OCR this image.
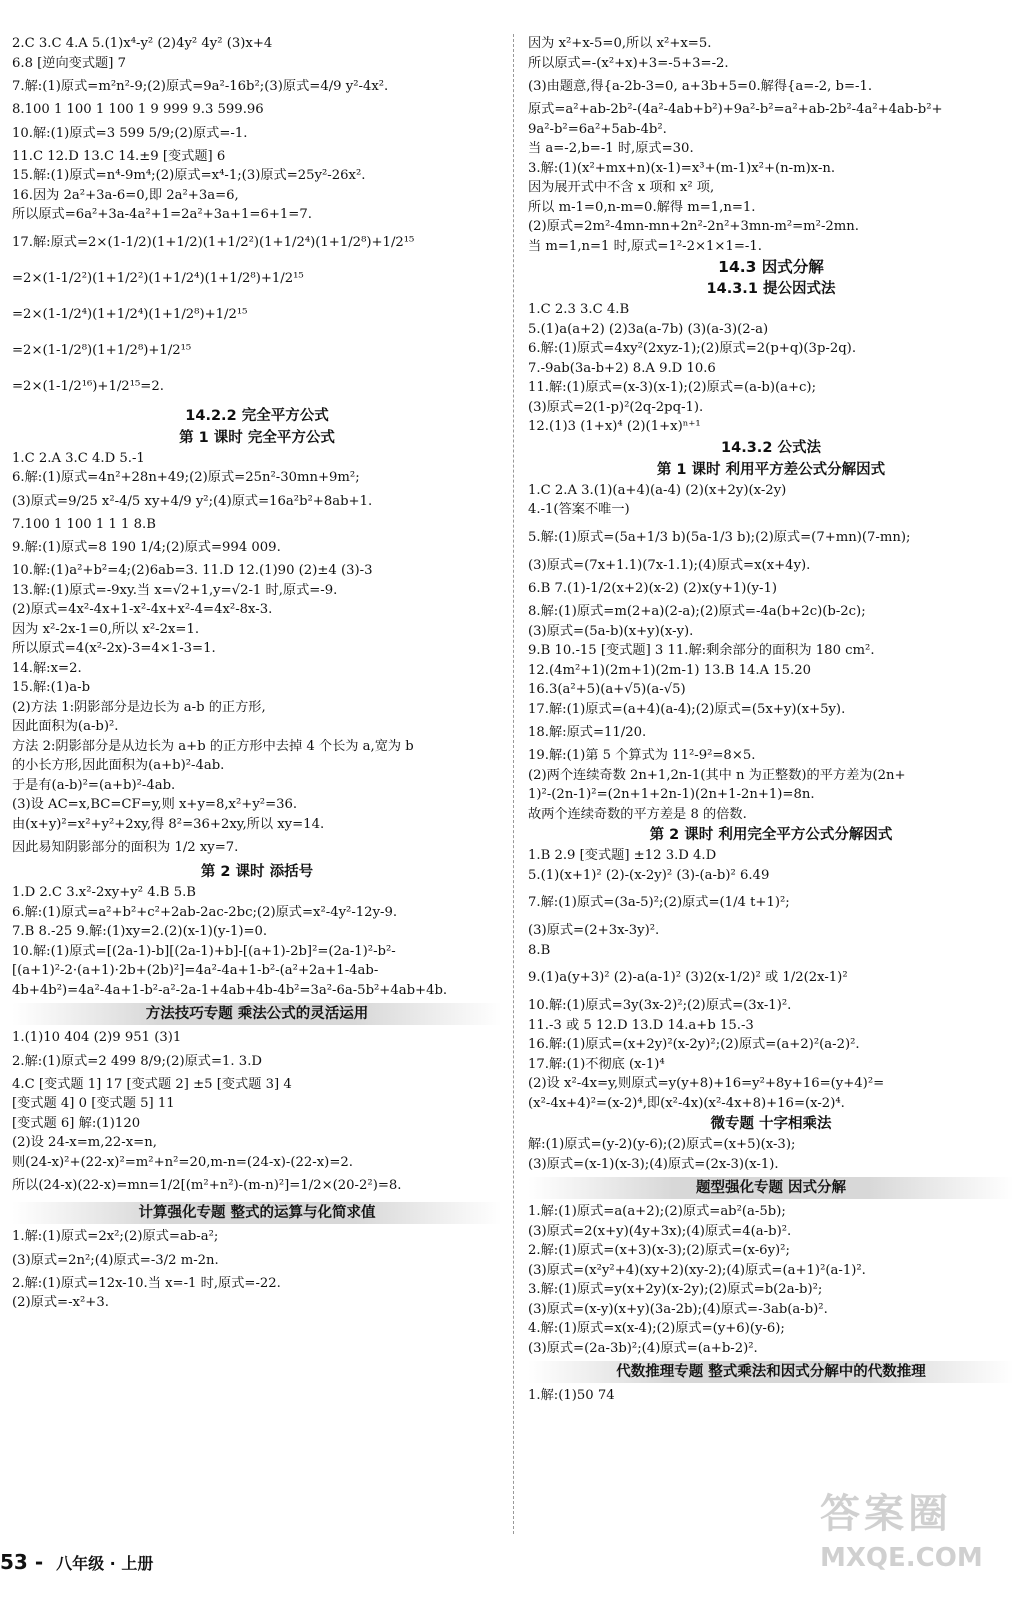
2.C 3.C 4.A 5.(1)x⁴-y² (2)4y² 4y² (3)x+4
6.8 [逆向变式题] 7
7.解:(1)原式=m²n²-9;(2)原式=9a²-16b²;(3)原式=4/9 y²-4x².
8.100 1 100 1 100 1 9 999 9.3 599.96
10.解:(1)原式=3 599 5/9;(2)原式=-1.
11.C 12.D 13.C 14.±9 [变式题] 6
15.解:(1)原式=n⁴-9m⁴;(2)原式=x⁴-1;(3)原式=25y²-26x².
16.因为 2a²+3a-6=0,即 2a²+3a=6,
所以原式=6a²+3a-4a²+1=2a²+3a+1=6+1=7.
17.解:原式=2×(1-1/2)(1+1/2)(1+1/2²)(1+1/2⁴)(1+1/2⁸)+1/2¹⁵
=2×(1-1/2²)(1+1/2²)(1+1/2⁴)(1+1/2⁸)+1/2¹⁵
=2×(1-1/2⁴)(1+1/2⁴)(1+1/2⁸)+1/2¹⁵
=2×(1-1/2⁸)(1+1/2⁸)+1/2¹⁵
=2×(1-1/2¹⁶)+1/2¹⁵=2.
14.2.2 完全平方公式
第 1 课时 完全平方公式
1.C 2.A 3.C 4.D 5.-1
6.解:(1)原式=4n²+28n+49;(2)原式=25n²-30mn+9m²;
(3)原式=9/25 x²-4/5 xy+4/9 y²;(4)原式=16a²b²+8ab+1.
7.100 1 100 1 1 1 8.B
9.解:(1)原式=8 190 1/4;(2)原式=994 009.
10.解:(1)a²+b²=4;(2)6ab=3. 11.D 12.(1)90 (2)±4 (3)-3
13.解:(1)原式=-9xy.当 x=√2+1,y=√2-1 时,原式=-9.
(2)原式=4x²-4x+1-x²-4x+x²-4=4x²-8x-3.
因为 x²-2x-1=0,所以 x²-2x=1.
所以原式=4(x²-2x)-3=4×1-3=1.
14.解:x=2.
15.解:(1)a-b
(2)方法 1:阴影部分是边长为 a-b 的正方形,
因此面积为(a-b)².
方法 2:阴影部分是从边长为 a+b 的正方形中去掉 4 个长为 a,宽为 b
的小长方形,因此面积为(a+b)²-4ab.
于是有(a-b)²=(a+b)²-4ab.
(3)设 AC=x,BC=CF=y,则 x+y=8,x²+y²=36.
由(x+y)²=x²+y²+2xy,得 8²=36+2xy,所以 xy=14.
因此易知阴影部分的面积为 1/2 xy=7.
第 2 课时 添括号
1.D 2.C 3.x²-2xy+y² 4.B 5.B
6.解:(1)原式=a²+b²+c²+2ab-2ac-2bc;(2)原式=x²-4y²-12y-9.
7.B 8.-25 9.解:(1)xy=2.(2)(x-1)(y-1)=0.
10.解:(1)原式=[(2a-1)-b][(2a-1)+b]-[(a+1)-2b]²=(2a-1)²-b²-
[(a+1)²-2·(a+1)·2b+(2b)²]=4a²-4a+1-b²-(a²+2a+1-4ab-
4b+4b²)=4a²-4a+1-b²-a²-2a-1+4ab+4b-4b²=3a²-6a-5b²+4ab+4b.
方法技巧专题 乘法公式的灵活运用
1.(1)10 404 (2)9 951 (3)1
2.解:(1)原式=2 499 8/9;(2)原式=1. 3.D
4.C [变式题 1] 17 [变式题 2] ±5 [变式题 3] 4
[变式题 4] 0 [变式题 5] 11
[变式题 6] 解:(1)120
(2)设 24-x=m,22-x=n,
则(24-x)²+(22-x)²=m²+n²=20,m-n=(24-x)-(22-x)=2.
所以(24-x)(22-x)=mn=1/2[(m²+n²)-(m-n)²]=1/2×(20-2²)=8.
计算强化专题 整式的运算与化简求值
1.解:(1)原式=2x²;(2)原式=ab-a²;
(3)原式=2n²;(4)原式=-3/2 m-2n.
2.解:(1)原式=12x-10.当 x=-1 时,原式=-22.
(2)原式=-x²+3.
因为 x²+x-5=0,所以 x²+x=5.
所以原式=-(x²+x)+3=-5+3=-2.
(3)由题意,得{a-2b-3=0, a+3b+5=0.解得{a=-2, b=-1.
原式=a²+ab-2b²-(4a²-4ab+b²)+9a²-b²=a²+ab-2b²-4a²+4ab-b²+
9a²-b²=6a²+5ab-4b².
当 a=-2,b=-1 时,原式=30.
3.解:(1)(x²+mx+n)(x-1)=x³+(m-1)x²+(n-m)x-n.
因为展开式中不含 x 项和 x² 项,
所以 m-1=0,n-m=0.解得 m=1,n=1.
(2)原式=2m²-4mn-mn+2n²-2n²+3mn-m²=m²-2mn.
当 m=1,n=1 时,原式=1²-2×1×1=-1.
14.3 因式分解
14.3.1 提公因式法
1.C 2.3 3.C 4.B
5.(1)a(a+2) (2)3a(a-7b) (3)(a-3)(2-a)
6.解:(1)原式=4xy²(2xyz-1);(2)原式=2(p+q)(3p-2q).
7.-9ab(3a-b+2) 8.A 9.D 10.6
11.解:(1)原式=(x-3)(x-1);(2)原式=(a-b)(a+c);
(3)原式=2(1-p)²(2q-2pq-1).
12.(1)3 (1+x)⁴ (2)(1+x)ⁿ⁺¹
14.3.2 公式法
第 1 课时 利用平方差公式分解因式
1.C 2.A 3.(1)(a+4)(a-4) (2)(x+2y)(x-2y)
4.-1(答案不唯一)
5.解:(1)原式=(5a+1/3 b)(5a-1/3 b);(2)原式=(7+mn)(7-mn);
(3)原式=(7x+1.1)(7x-1.1);(4)原式=x(x+4y).
6.B 7.(1)-1/2(x+2)(x-2) (2)x(y+1)(y-1)
8.解:(1)原式=m(2+a)(2-a);(2)原式=-4a(b+2c)(b-2c);
(3)原式=(5a-b)(x+y)(x-y).
9.B 10.-15 [变式题] 3 11.解:剩余部分的面积为 180 cm².
12.(4m²+1)(2m+1)(2m-1) 13.B 14.A 15.20
16.3(a²+5)(a+√5)(a-√5)
17.解:(1)原式=(a+4)(a-4);(2)原式=(5x+y)(x+5y).
18.解:原式=11/20.
19.解:(1)第 5 个算式为 11²-9²=8×5.
(2)两个连续奇数 2n+1,2n-1(其中 n 为正整数)的平方差为(2n+
1)²-(2n-1)²=(2n+1+2n-1)(2n+1-2n+1)=8n.
故两个连续奇数的平方差是 8 的倍数.
第 2 课时 利用完全平方公式分解因式
1.B 2.9 [变式题] ±12 3.D 4.D
5.(1)(x+1)² (2)-(x-2y)² (3)-(a-b)² 6.49
7.解:(1)原式=(3a-5)²;(2)原式=(1/4 t+1)²;
(3)原式=(2+3x-3y)².
8.B
9.(1)a(y+3)² (2)-a(a-1)² (3)2(x-1/2)² 或 1/2(2x-1)²
10.解:(1)原式=3y(3x-2)²;(2)原式=(3x-1)².
11.-3 或 5 12.D 13.D 14.a+b 15.-3
16.解:(1)原式=(x+2y)²(x-2y)²;(2)原式=(a+2)²(a-2)².
17.解:(1)不彻底 (x-1)⁴
(2)设 x²-4x=y,则原式=y(y+8)+16=y²+8y+16=(y+4)²=
(x²-4x+4)²=(x-2)⁴,即(x²-4x)(x²-4x+8)+16=(x-2)⁴.
微专题 十字相乘法
解:(1)原式=(y-2)(y-6);(2)原式=(x+5)(x-3);
(3)原式=(x-1)(x-3);(4)原式=(2x-3)(x-1).
题型强化专题 因式分解
1.解:(1)原式=a(a+2);(2)原式=ab²(a-5b);
(3)原式=2(x+y)(4y+3x);(4)原式=4(a-b)².
2.解:(1)原式=(x+3)(x-3);(2)原式=(x-6y)²;
(3)原式=(x²y²+4)(xy+2)(xy-2);(4)原式=(a+1)²(a-1)².
3.解:(1)原式=y(x+2y)(x-2y);(2)原式=b(2a-b)²;
(3)原式=(x-y)(x+y)(3a-2b);(4)原式=-3ab(a-b)².
4.解:(1)原式=x(x-4);(2)原式=(y+6)(y-6);
(3)原式=(2a-3b)²;(4)原式=(a+b-2)².
代数推理专题 整式乘法和因式分解中的代数推理
1.解:(1)50 74
53 - 八年级 · 上册
答案圈
MXQE.COM
